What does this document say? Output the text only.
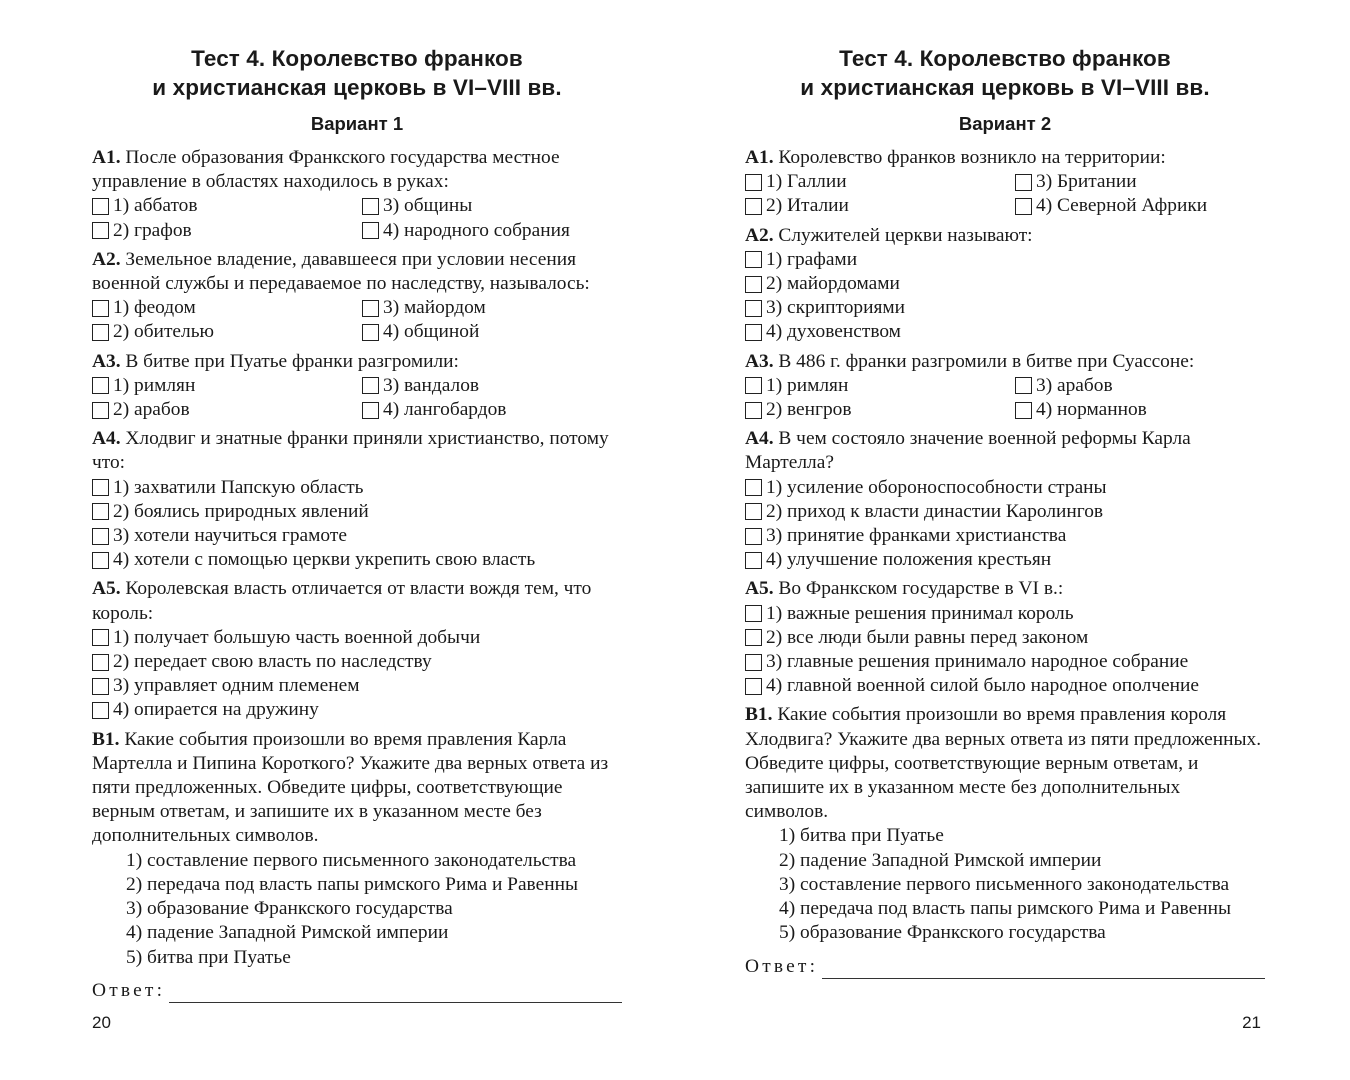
Тест 4. Королевство франков
и христианская церковь в VI–VIII вв.
Вариант 1
А1. После образования Франкского государства местное управление в областях находилось в руках:
1) аббатов	3) общины
2) графов	4) народного собрания
А2. Земельное владение, дававшееся при условии несения военной службы и передаваемое по наследству, называлось:
1) феодом	3) майордом
2) обителью	4) общиной
А3. В битве при Пуатье франки разгромили:
1) римлян	3) вандалов
2) арабов	4) лангобардов
А4. Хлодвиг и знатные франки приняли христианство, потому что:
1) захватили Папскую область
2) боялись природных явлений
3) хотели научиться грамоте
4) хотели с помощью церкви укрепить свою власть
А5. Королевская власть отличается от власти вождя тем, что король:
1) получает большую часть военной добычи
2) передает свою власть по наследству
3) управляет одним племенем
4) опирается на дружину
В1. Какие события произошли во время правления Карла Мартелла и Пипина Короткого? Укажите два верных ответа из пяти предложенных. Обведите цифры, соответствующие верным ответам, и запишите их в указанном месте без дополнительных символов.
1) составление первого письменного законодательства
2) передача под власть папы римского Рима и Равенны
3) образование Франкского государства
4) падение Западной Римской империи
5) битва при Пуатье
Ответ:
20
Тест 4. Королевство франков
и христианская церковь в VI–VIII вв.
Вариант 2
А1. Королевство франков возникло на территории:
1) Галлии	3) Британии
2) Италии	4) Северной Африки
А2. Служителей церкви называют:
1) графами
2) майордомами
3) скрипториями
4) духовенством
А3. В 486 г. франки разгромили в битве при Суассоне:
1) римлян	3) арабов
2) венгров	4) норманнов
А4. В чем состояло значение военной реформы Карла Мартелла?
1) усиление обороноспособности страны
2) приход к власти династии Каролингов
3) принятие франками христианства
4) улучшение положения крестьян
А5. Во Франкском государстве в VI в.:
1) важные решения принимал король
2) все люди были равны перед законом
3) главные решения принимало народное собрание
4) главной военной силой было народное ополчение
В1. Какие события произошли во время правления короля Хлодвига? Укажите два верных ответа из пяти предложенных. Обведите цифры, соответствующие верным ответам, и запишите их в указанном месте без дополнительных символов.
1) битва при Пуатье
2) падение Западной Римской империи
3) составление первого письменного законодательства
4) передача под власть папы римского Рима и Равенны
5) образование Франкского государства
Ответ:
21
